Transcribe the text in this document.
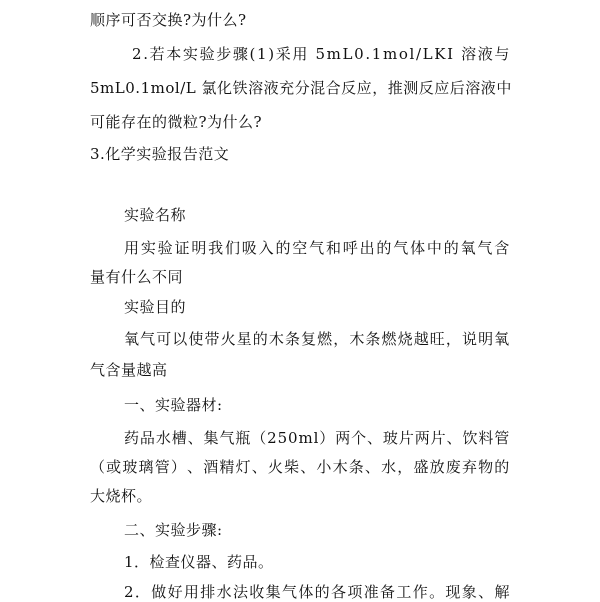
顺序可否交换?为什么?
2 . 若 本 实 验 步 骤 ( 1 ) 采 用
5 m L 0 . 1 m o l / L K I
溶 液 与
5 m L 0 . 1 m o l / L
氯 化 铁 溶 液 充 分 混 合 反 应 ， 推 测 反 应 后 溶 液 中
可能存在的微粒?为什么?
3.化学实验报告范文
实验名称
用 实 验 证 明 我 们 吸 入 的 空 气 和 呼 出 的 气 体 中 的 氧 气 含
量有什么不同
实验目的
氧 气 可 以 使 带 火 星 的 木 条 复 燃 ， 木 条 燃 烧 越 旺 ， 说 明 氧
气含量越高
一、实验器材:
药 品 水 槽 、 集 气 瓶 （ 2 5 0 m l ） 两 个 、 玻 片 两 片 、 饮 料 管
（ 或 玻 璃 管 ） 、 酒 精 灯 、 火 柴 、 小 木 条 、 水 ， 盛 放 废 弃 物 的
大烧杯。
二、实验步骤:
1．检查仪器、药品。
2 ． 做 好 用 排 水 法 收 集 气 体 的 各 项 准 备 工 作 。 现 象 、 解
